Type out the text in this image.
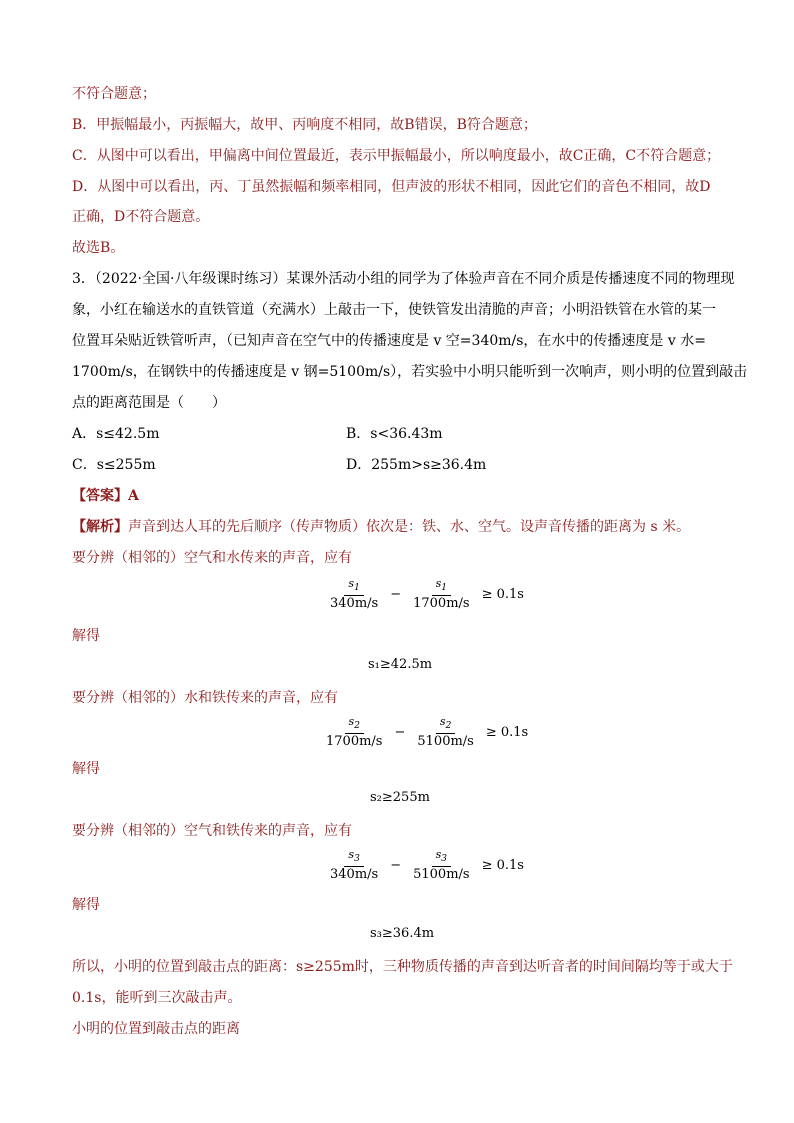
不符合题意；
B．甲振幅最小，丙振幅大，故甲、丙响度不相同，故B错误，B符合题意；
C．从图中可以看出，甲偏离中间位置最近，表示甲振幅最小，所以响度最小，故C正确，C不符合题意；
D．从图中可以看出，丙、丁虽然振幅和频率相同，但声波的形状不相同，因此它们的音色不相同，故D
正确，D不符合题意。
故选B。
3．（2022·全国·八年级课时练习）某课外活动小组的同学为了体验声音在不同介质是传播速度不同的物理现
象，小红在输送水的直铁管道（充满水）上敲击一下，使铁管发出清脆的声音；小明沿铁管在水管的某一
位置耳朵贴近铁管听声，（已知声音在空气中的传播速度是 v 空=340m/s，在水中的传播速度是 v 水=
1700m/s，在钢铁中的传播速度是 v 钢=5100m/s），若实验中小明只能听到一次响声，则小明的位置到敲击
点的距离范围是（　　）
A．s≤42.5m	B．s<36.43m
C．s≤255m	D．255m>s≥36.4m
【答案】A
【解析】声音到达人耳的先后顺序（传声物质）依次是：铁、水、空气。设声音传播的距离为 s 米。
要分辨（相邻的）空气和水传来的声音，应有
$\frac{s_1}{340m/s} - \frac{s_1}{1700m/s} \ge 0.1s$
解得
s₁≥42.5m
要分辨（相邻的）水和铁传来的声音，应有
$\frac{s_2}{1700m/s} - \frac{s_2}{5100m/s} \ge 0.1s$
解得
s₂≥255m
要分辨（相邻的）空气和铁传来的声音，应有
$\frac{s_3}{340m/s} - \frac{s_3}{5100m/s} \ge 0.1s$
解得
s₃≥36.4m
所以，小明的位置到敲击点的距离：s≥255m时，三种物质传播的声音到达听音者的时间间隔均等于或大于
0.1s，能听到三次敲击声。
小明的位置到敲击点的距离
